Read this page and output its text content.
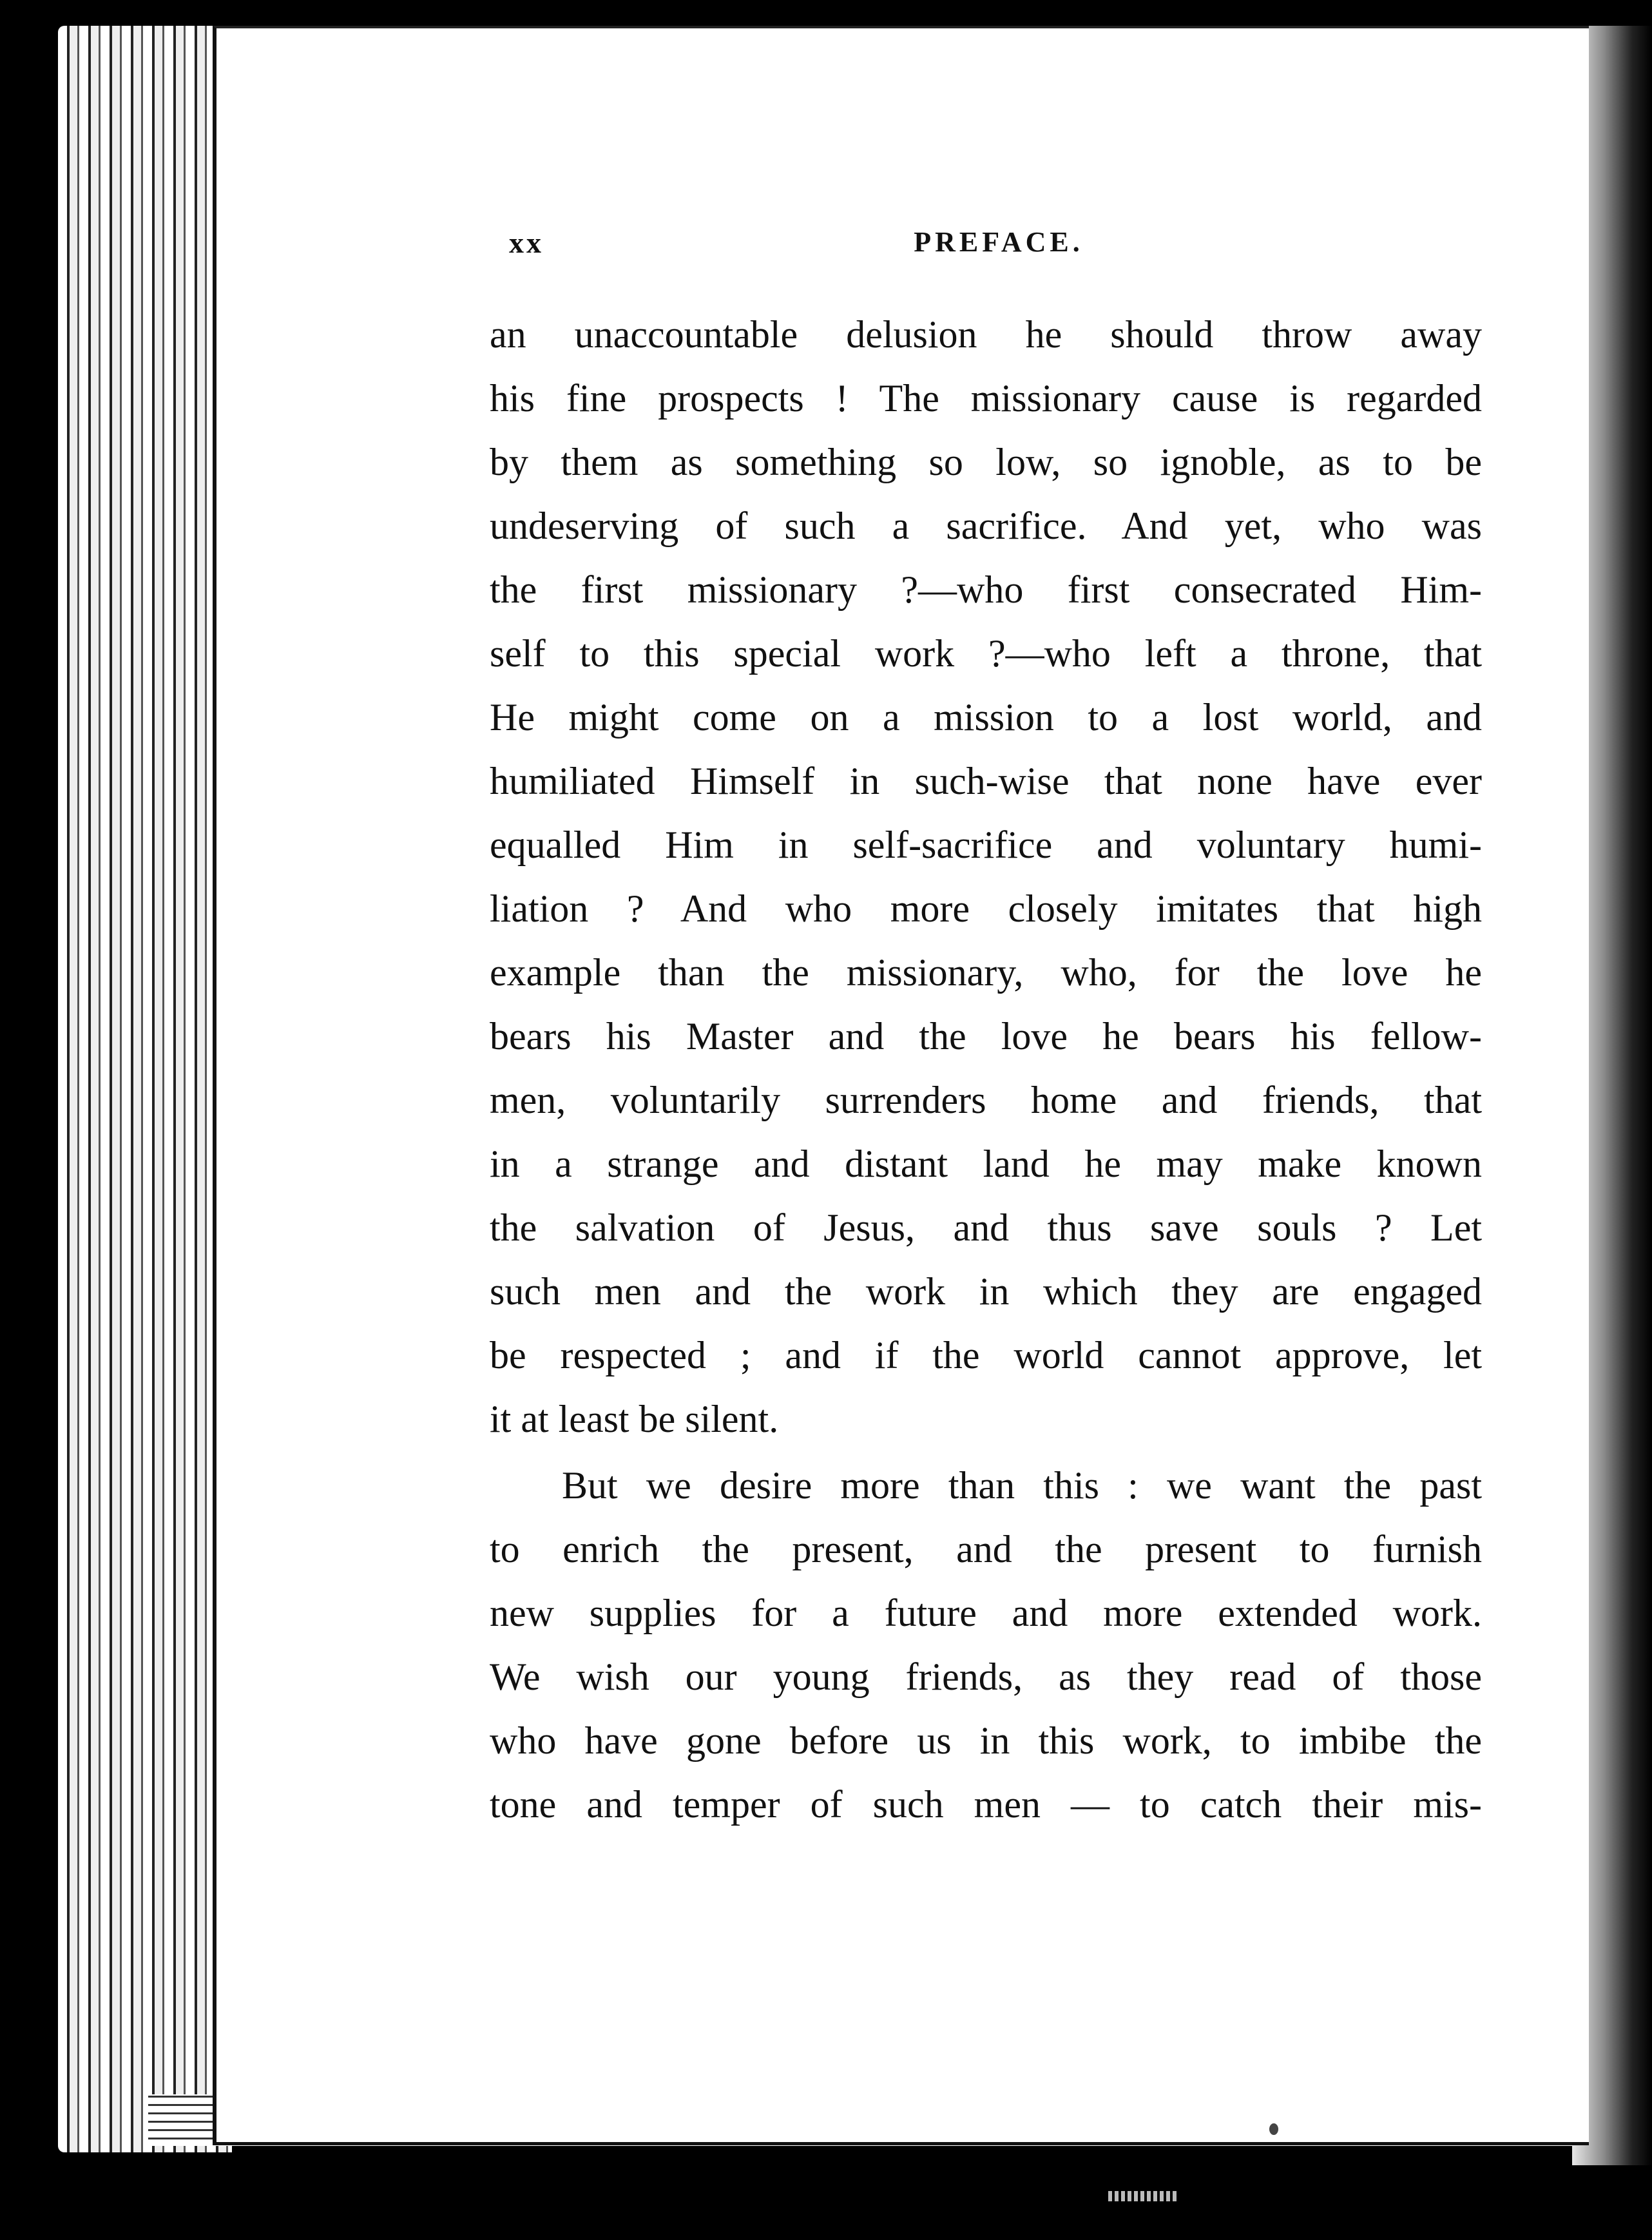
xx	PREFACE.

an unaccountable delusion he should throw away
his fine prospects ! The missionary cause is regarded
by them as something so low, so ignoble, as to be
undeserving of such a sacrifice. And yet, who was
the first missionary ?—who first consecrated Him-
self to this special work ?—who left a throne, that
He might come on a mission to a lost world, and
humiliated Himself in such-wise that none have ever
equalled Him in self-sacrifice and voluntary humi-
liation ? And who more closely imitates that high
example than the missionary, who, for the love he
bears his Master and the love he bears his fellow-
men, voluntarily surrenders home and friends, that
in a strange and distant land he may make known
the salvation of Jesus, and thus save souls ? Let
such men and the work in which they are engaged
be respected ; and if the world cannot approve, let
it at least be silent.

But we desire more than this : we want the past
to enrich the present, and the present to furnish
new supplies for a future and more extended work.
We wish our young friends, as they read of those
who have gone before us in this work, to imbibe the
tone and temper of such men — to catch their mis-
